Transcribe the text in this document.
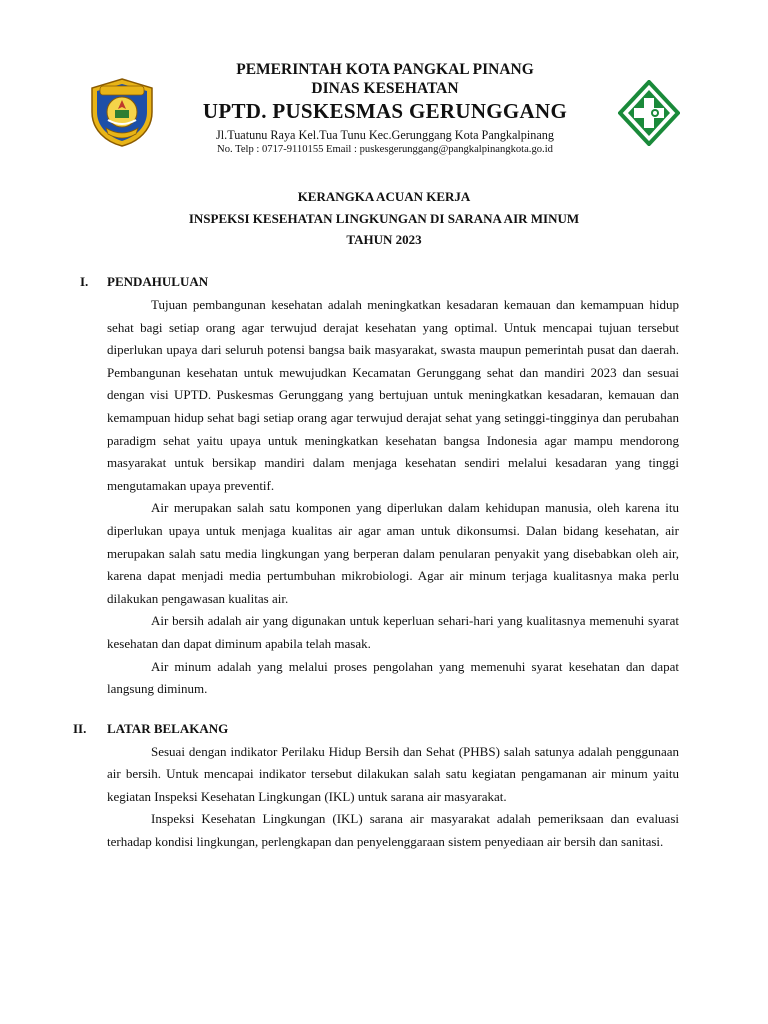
PEMERINTAH KOTA PANGKAL PINANG

DINAS KESEHATAN

UPTD. PUSKESMAS GERUNGGANG

Jl.Tuatunu Raya Kel.Tua Tunu Kec.Gerunggang Kota Pangkalpinang

No. Telp : 0717-9110155 Email : puskesgerunggang@pangkalpinangkota.go.id

KERANGKA ACUAN KERJA
INSPEKSI KESEHATAN LINGKUNGAN DI SARANA AIR MINUM
TAHUN 2023
I. PENDAHULUAN

Tujuan pembangunan kesehatan adalah meningkatkan kesadaran kemauan dan kemampuan hidup sehat bagi setiap orang agar terwujud derajat kesehatan yang optimal. Untuk mencapai tujuan tersebut diperlukan upaya dari seluruh potensi bangsa baik masyarakat, swasta maupun pemerintah pusat dan daerah. Pembangunan kesehatan untuk mewujudkan Kecamatan Gerunggang sehat dan mandiri 2023 dan sesuai dengan visi UPTD. Puskesmas Gerunggang yang bertujuan untuk meningkatkan kesadaran, kemauan dan kemampuan hidup sehat bagi setiap orang agar terwujud derajat sehat yang setinggi-tingginya dan perubahan paradigm sehat yaitu upaya untuk meningkatkan kesehatan bangsa Indonesia agar mampu mendorong masyarakat untuk bersikap mandiri dalam menjaga kesehatan sendiri melalui kesadaran yang tinggi mengutamakan upaya preventif.

Air merupakan salah satu komponen yang diperlukan dalam kehidupan manusia, oleh karena itu diperlukan upaya untuk menjaga kualitas air agar aman untuk dikonsumsi. Dalan bidang kesehatan, air merupakan salah satu media lingkungan yang berperan dalam penularan penyakit yang disebabkan oleh air, karena dapat menjadi media pertumbuhan mikrobiologi. Agar air minum terjaga kualitasnya maka perlu dilakukan pengawasan kualitas air.

Air bersih adalah air yang digunakan untuk keperluan sehari-hari yang kualitasnya memenuhi syarat kesehatan dan dapat diminum apabila telah masak.

Air minum adalah yang melalui proses pengolahan yang memenuhi syarat kesehatan dan dapat langsung diminum.

II. LATAR BELAKANG

Sesuai dengan indikator Perilaku Hidup Bersih dan Sehat (PHBS) salah satunya adalah penggunaan air bersih. Untuk mencapai indikator tersebut dilakukan salah satu kegiatan pengamanan air minum yaitu kegiatan Inspeksi Kesehatan Lingkungan (IKL) untuk sarana air masyarakat.

Inspeksi Kesehatan Lingkungan (IKL) sarana air masyarakat adalah pemeriksaan dan evaluasi terhadap kondisi lingkungan, perlengkapan dan penyelenggaraan sistem penyediaan air bersih dan sanitasi.
